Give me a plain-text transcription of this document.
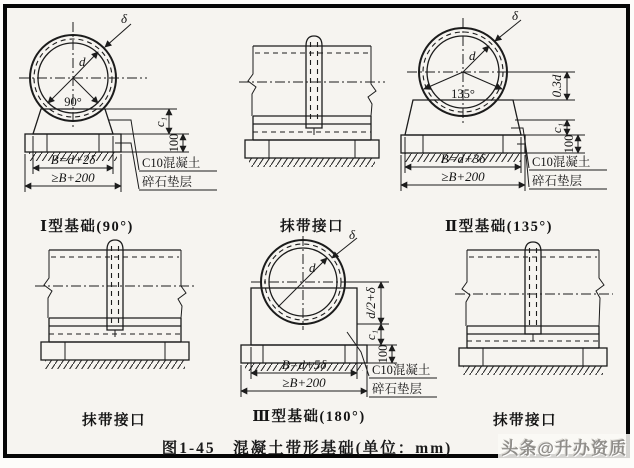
δ
d
90°
B=d+2δ
≥B+200
c₁
100
C10混凝土
碎石垫层
Ⅰ型基础(90°)	抹带接口
δ
d
135°
B=d+3δ
≥B+200
0.3d
c₁
100
C10混凝土
碎石垫层
Ⅱ型基础(135°)
抹带接口
δ
d
d/2+δ
c₁
100
B=d+5δ
≥B+200
C10混凝土
碎石垫层
Ⅲ型基础(180°)	抹带接口
图1-45　混凝土带形基础(单位：mm)	头条@升办资质
